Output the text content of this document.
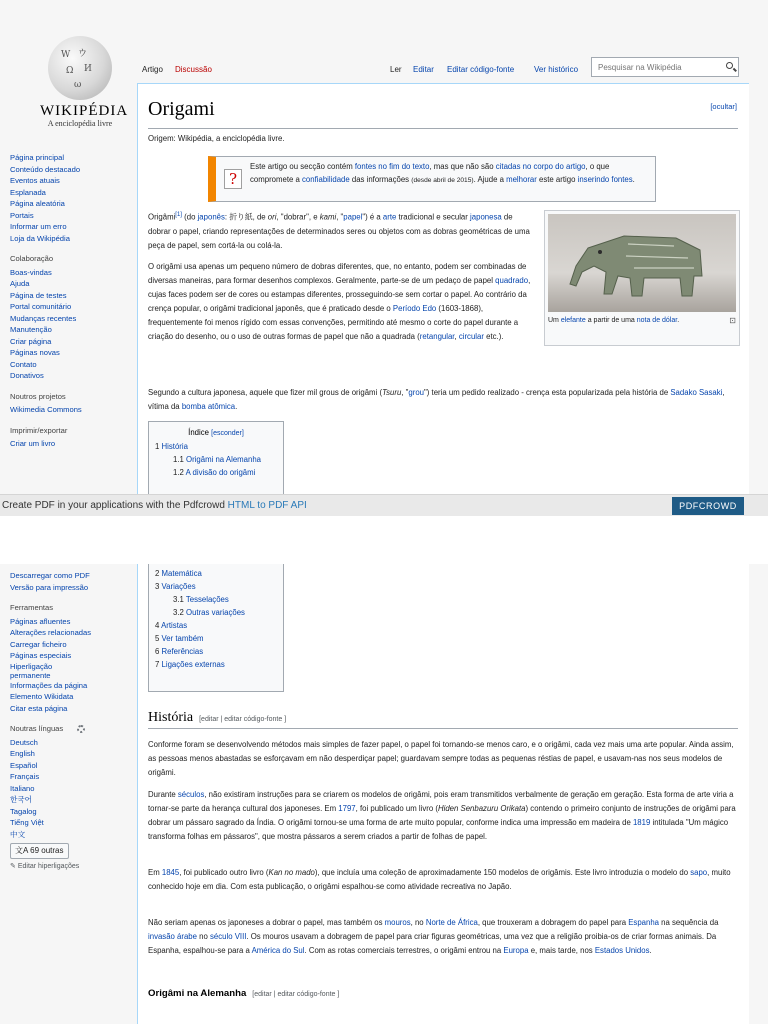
W ウ
Ω И
ω
WIKIPÉDIA
A enciclopédia livre
Página principal
Conteúdo destacado
Eventos atuais
Esplanada
Página aleatória
Portais
Informar um erro
Loja da Wikipédia
Colaboração
Boas-vindas
Ajuda
Página de testes
Portal comunitário
Mudanças recentes
Manutenção
Criar página
Páginas novas
Contato
Donativos
Noutros projetos
Wikimedia Commons
Imprimir/exportar
Criar um livro
Artigo Discussão	Ler Editar Editar código-fonte Ver histórico
Pesquisar na Wikipédia
Origami	[ocultar]
Origem: Wikipédia, a enciclopédia livre.
?
Este artigo ou secção contém fontes no fim do texto, mas que não são citadas no corpo do artigo, o que compromete a confiabilidade das informações (desde abril de 2015). Ajude a melhorar este artigo inserindo fontes.
Um elefante a partir de uma nota de dólar.	⊡
Origâmi[1] (do japonês: 折り紙, de ori, "dobrar", e kami, "papel") é a arte tradicional e secular japonesa de dobrar o papel, criando representações de determinados seres ou objetos com as dobras geométricas de uma peça de papel, sem cortá-la ou colá-la.
O origâmi usa apenas um pequeno número de dobras diferentes, que, no entanto, podem ser combinadas de diversas maneiras, para formar desenhos complexos. Geralmente, parte-se de um pedaço de papel quadrado, cujas faces podem ser de cores ou estampas diferentes, prosseguindo-se sem cortar o papel. Ao contrário da crença popular, o origâmi tradicional japonês, que é praticado desde o Período Edo (1603-1868), frequentemente foi menos rígido com essas convenções, permitindo até mesmo o corte do papel durante a criação do desenho, ou o uso de outras formas de papel que não a quadrada (retangular, circular etc.).
Segundo a cultura japonesa, aquele que fizer mil grous de origâmi (Tsuru, "grou") teria um pedido realizado - crença esta popularizada pela história de Sadako Sasaki, vítima da bomba atômica.
Índice [esconder]
1 História
1.1 Origâmi na Alemanha
1.2 A divisão do origâmi
Create PDF in your applications with the Pdfcrowd HTML to PDF API	PDFCROWD
Descarregar como PDF
Versão para impressão
Ferramentas
Páginas afluentes
Alterações relacionadas
Carregar ficheiro
Páginas especiais
Hiperligação permanente
Informações da página
Elemento Wikidata
Citar esta página
Noutras línguas
Deutsch
English
Español
Français
Italiano
한국어
Tagalog
Tiếng Việt
中文
文A 69 outras
✎ Editar hiperligações
2 Matemática
3 Variações
3.1 Tesselações
3.2 Outras variações
4 Artistas
5 Ver também
6 Referências
7 Ligações externas
História [editar | editar código-fonte ]
Conforme foram se desenvolvendo métodos mais simples de fazer papel, o papel foi tornando-se menos caro, e o origâmi, cada vez mais uma arte popular. Ainda assim, as pessoas menos abastadas se esforçavam em não desperdiçar papel; guardavam sempre todas as pequenas réstias de papel, e usavam-nas nos seus modelos de origâmi.
Durante séculos, não existiram instruções para se criarem os modelos de origâmi, pois eram transmitidos verbalmente de geração em geração. Esta forma de arte viria a tornar-se parte da herança cultural dos japoneses. Em 1797, foi publicado um livro (Hiden Senbazuru Orikata) contendo o primeiro conjunto de instruções de origâmi para dobrar um pássaro sagrado da Índia. O origâmi tornou-se uma forma de arte muito popular, conforme indica uma impressão em madeira de 1819 intitulada "Um mágico transforma folhas em pássaros", que mostra pássaros a serem criados a partir de folhas de papel.
Em 1845, foi publicado outro livro (Kan no mado), que incluía uma coleção de aproximadamente 150 modelos de origâmis. Este livro introduzia o modelo do sapo, muito conhecido hoje em dia. Com esta publicação, o origâmi espalhou-se como atividade recreativa no Japão.
Não seriam apenas os japoneses a dobrar o papel, mas também os mouros, no Norte de África, que trouxeram a dobragem do papel para Espanha na sequência da invasão árabe no século VIII. Os mouros usavam a dobragem de papel para criar figuras geométricas, uma vez que a religião proibia-os de criar formas animais. Da Espanha, espalhou-se para a América do Sul. Com as rotas comerciais terrestres, o origâmi entrou na Europa e, mais tarde, nos Estados Unidos.
Origâmi na Alemanha [editar | editar código-fonte ]
